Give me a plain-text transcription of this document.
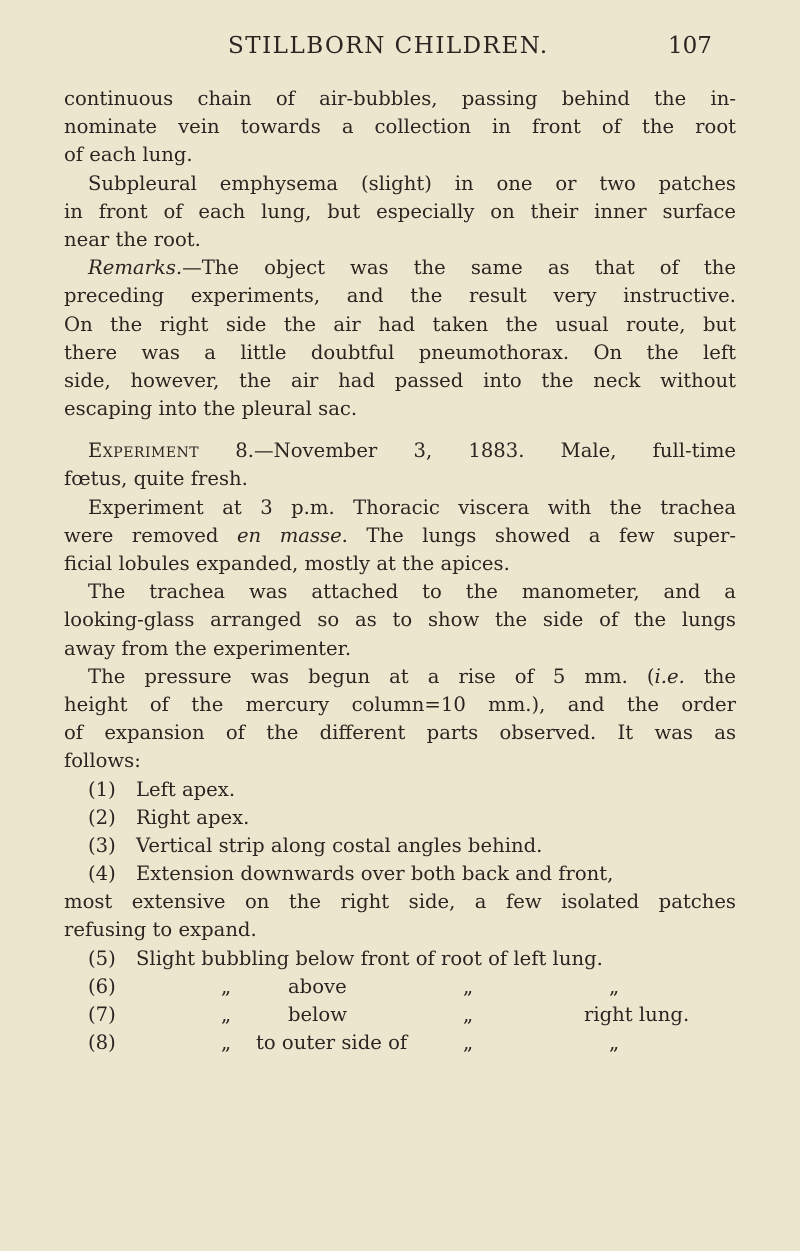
STILLBORN CHILDREN.	107
continuous chain of air-bubbles, passing behind the in-
nominate vein towards a collection in front of the root
of each lung.
Subpleural emphysema (slight) in one or two patches
in front of each lung, but especially on their inner surface
near the root.
Remarks.—The object was the same as that of the
preceding experiments, and the result very instructive.
On the right side the air had taken the usual route, but
there was a little doubtful pneumothorax. On the left
side, however, the air had passed into the neck without
escaping into the pleural sac.
Experiment 8.—November 3, 1883. Male, full-time
fœtus, quite fresh.
Experiment at 3 p.m. Thoracic viscera with the trachea
were removed en masse. The lungs showed a few super-
ficial lobules expanded, mostly at the apices.
The trachea was attached to the manometer, and a
looking-glass arranged so as to show the side of the lungs
away from the experimenter.
The pressure was begun at a rise of 5 mm. (i.e. the
height of the mercury column=10 mm.), and the order
of expansion of the different parts observed. It was as
follows:
(1) Left apex.
(2) Right apex.
(3) Vertical strip along costal angles behind.
(4) Extension downwards over both back and front,
most extensive on the right side, a few isolated patches
refusing to expand.
(5) Slight bubbling below front of root of left lung.
(6)	„	above	„	„
(7)	„	below	„	right lung.
(8)	„ to outer side of	„	„
